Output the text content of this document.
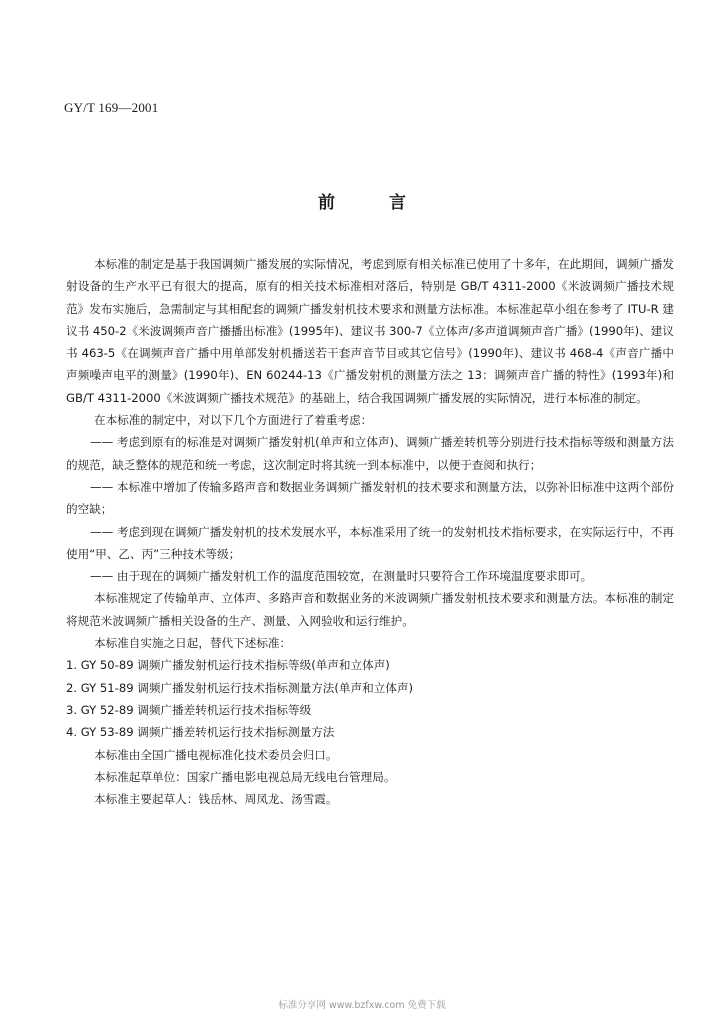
GY/T 169—2001
前 言

本标准的制定是基于我国调频广播发展的实际情况，考虑到原有相关标准已使用了十多年，在此期间，调频广播发射设备的生产水平已有很大的提高，原有的相关技术标准相对落后，特别是 GB/T 4311-2000《米波调频广播技术规范》发布实施后，急需制定与其相配套的调频广播发射机技术要求和测量方法标准。本标准起草小组在参考了 ITU-R 建议书 450-2《米波调频声音广播播出标准》(1995年)、建议书 300-7《立体声/多声道调频声音广播》(1990年)、建议书 463-5《在调频声音广播中用单部发射机播送若干套声音节目或其它信号》(1990年)、建议书 468-4《声音广播中声频噪声电平的测量》(1990年)、EN 60244-13《广播发射机的测量方法之 13：调频声音广播的特性》(1993年)和 GB/T 4311-2000《米波调频广播技术规范》的基础上，结合我国调频广播发展的实际情况，进行本标准的制定。

在本标准的制定中，对以下几个方面进行了着重考虑：

—— 考虑到原有的标准是对调频广播发射机(单声和立体声)、调频广播差转机等分别进行技术指标等级和测量方法的规范，缺乏整体的规范和统一考虑，这次制定时将其统一到本标准中，以便于查阅和执行；

—— 本标准中增加了传输多路声音和数据业务调频广播发射机的技术要求和测量方法，以弥补旧标准中这两个部份的空缺；

—— 考虑到现在调频广播发射机的技术发展水平，本标准采用了统一的发射机技术指标要求，在实际运行中，不再使用“甲、乙、丙”三种技术等级；

—— 由于现在的调频广播发射机工作的温度范围较宽，在测量时只要符合工作环境温度要求即可。

本标准规定了传输单声、立体声、多路声音和数据业务的米波调频广播发射机技术要求和测量方法。本标准的制定将规范米波调频广播相关设备的生产、测量、入网验收和运行维护。

本标准自实施之日起，替代下述标准：

1. GY 50-89 调频广播发射机运行技术指标等级(单声和立体声)

2. GY 51-89 调频广播发射机运行技术指标测量方法(单声和立体声)

3. GY 52-89 调频广播差转机运行技术指标等级

4. GY 53-89 调频广播差转机运行技术指标测量方法

本标准由全国广播电视标准化技术委员会归口。

本标准起草单位：国家广播电影电视总局无线电台管理局。

本标准主要起草人：钱岳林、周凤龙、汤雪霞。

标准分享网 www.bzfxw.com 免费下载
